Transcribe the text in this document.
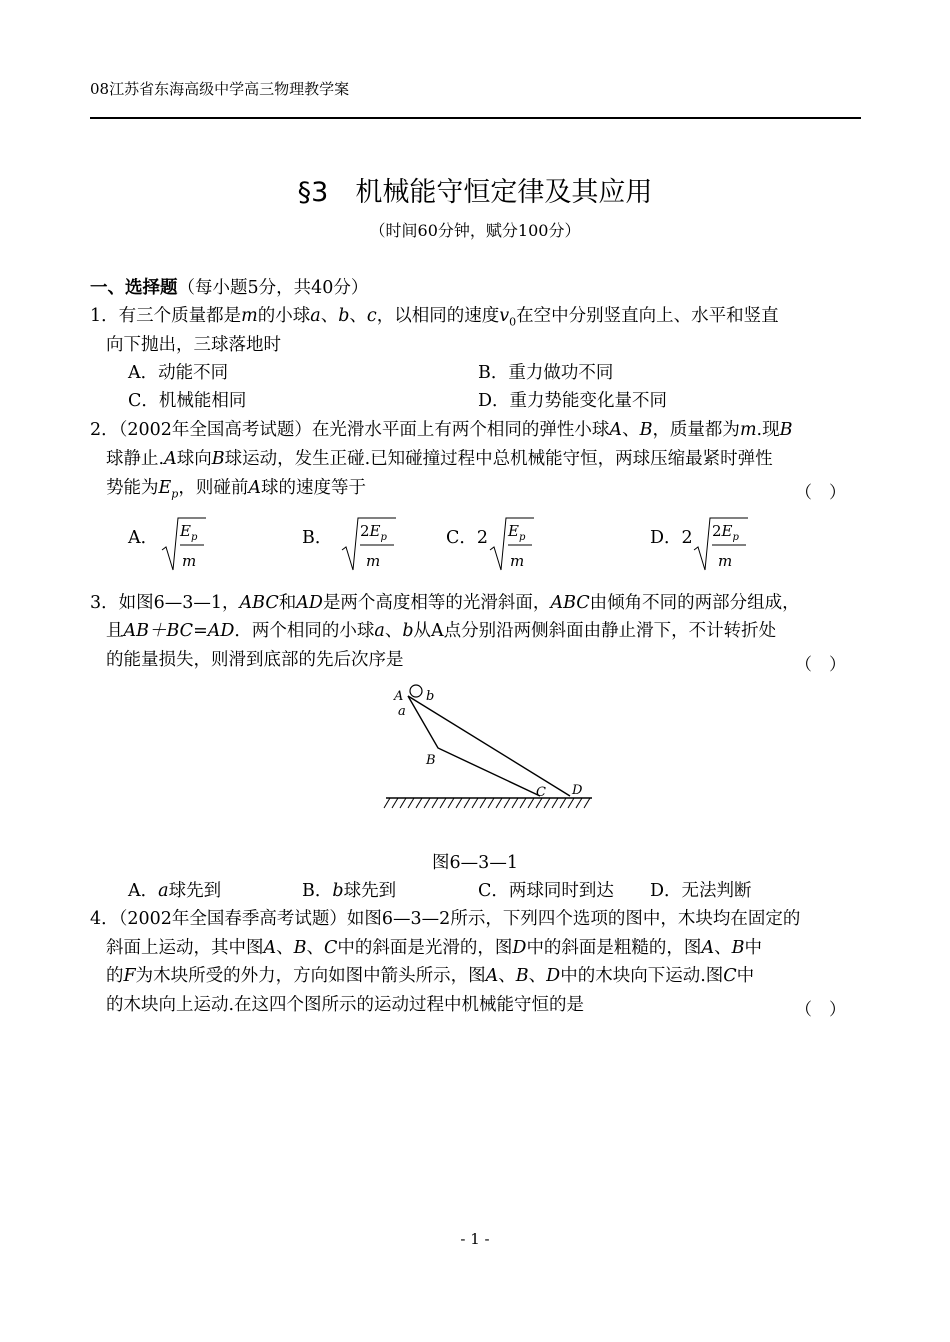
08江苏省东海高级中学高三物理教学案
§3　机械能守恒定律及其应用
（时间60分钟，赋分100分）
一、选择题（每小题5分，共40分）
1．有三个质量都是m的小球a、b、c，以相同的速度$v_0$在空中分别竖直向上、水平和竖直
向下抛出，三球落地时
A．动能不同	B．重力做功不同
C．机械能相同	D．重力势能变化量不同
2．（2002年全国高考试题）在光滑水平面上有两个相同的弹性小球A、B，质量都为m.现B
球静止.A球向B球运动，发生正碰.已知碰撞过程中总机械能守恒，两球压缩最紧时弹性
势能为$E_p$，则碰前A球的速度等于	（　）
A． $E_p$
m
B． $2E_p$
m
C．2 $E_p$
m
D．2 $2E_p$
m
3．如图6—3—1，ABC和AD是两个高度相等的光滑斜面，ABC由倾角不同的两部分组成，
且AB＋BC=AD．两个相同的小球a、b从A点分别沿两侧斜面由静止滑下，不计转折处
的能量损失，则滑到底部的先后次序是	（　）
A b
a
B
C D
图6—3—1
A．a球先到	B．b球先到	C．两球同时到达 D．无法判断
4．（2002年全国春季高考试题）如图6—3—2所示，下列四个选项的图中，木块均在固定的
斜面上运动，其中图A、B、C中的斜面是光滑的，图D中的斜面是粗糙的，图A、B中
的F为木块所受的外力，方向如图中箭头所示，图A、B、D中的木块向下运动.图C中
的木块向上运动.在这四个图所示的运动过程中机械能守恒的是	（　）
- 1 -
